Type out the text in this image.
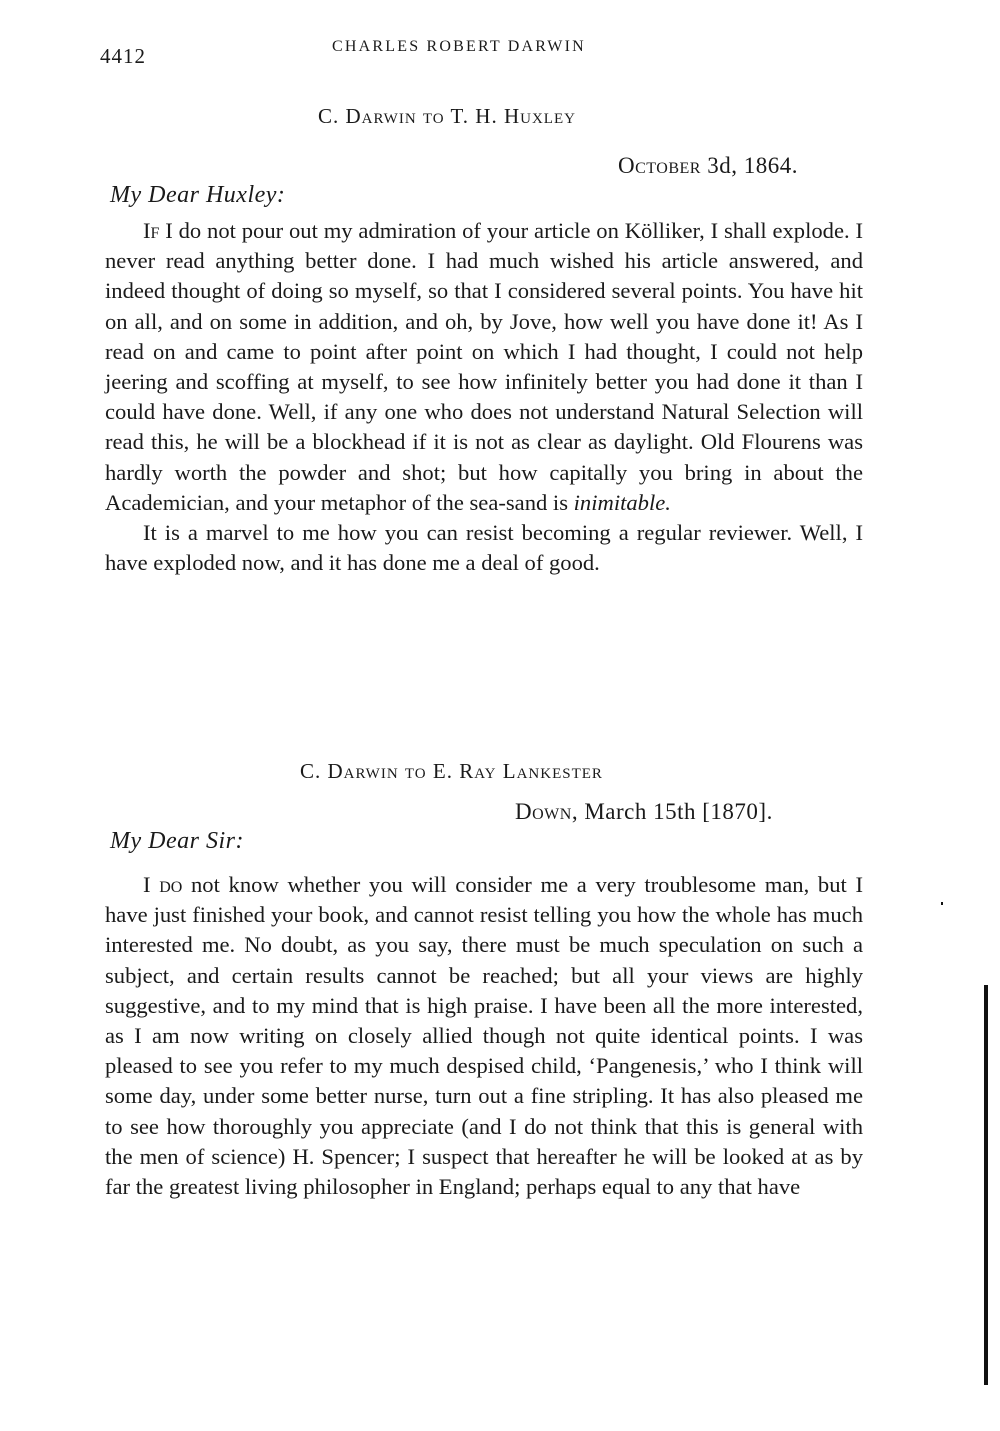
4412	CHARLES ROBERT DARWIN
C. Darwin to T. H. Huxley
October 3d, 1864.
My Dear Huxley:

If I do not pour out my admiration of your article on Kölliker, I shall explode. I never read anything better done. I had much wished his article answered, and indeed thought of doing so myself, so that I considered several points. You have hit on all, and on some in addition, and oh, by Jove, how well you have done it! As I read on and came to point after point on which I had thought, I could not help jeering and scoffing at myself, to see how infinitely better you had done it than I could have done. Well, if any one who does not understand Natural Selection will read this, he will be a blockhead if it is not as clear as daylight. Old Flourens was hardly worth the powder and shot; but how capitally you bring in about the Academician, and your metaphor of the sea-sand is inimitable.

It is a marvel to me how you can resist becoming a regular reviewer. Well, I have exploded now, and it has done me a deal of good.

C. Darwin to E. Ray Lankester
Down, March 15th [1870].
My Dear Sir:

I do not know whether you will consider me a very troublesome man, but I have just finished your book, and cannot resist telling you how the whole has much interested me. No doubt, as you say, there must be much speculation on such a subject, and certain results cannot be reached; but all your views are highly suggestive, and to my mind that is high praise. I have been all the more interested, as I am now writing on closely allied though not quite identical points. I was pleased to see you refer to my much despised child, ‘Pangenesis,’ who I think will some day, under some better nurse, turn out a fine stripling. It has also pleased me to see how thoroughly you appreciate (and I do not think that this is general with the men of science) H. Spencer; I suspect that hereafter he will be looked at as by far the greatest living philosopher in England; perhaps equal to any that have
